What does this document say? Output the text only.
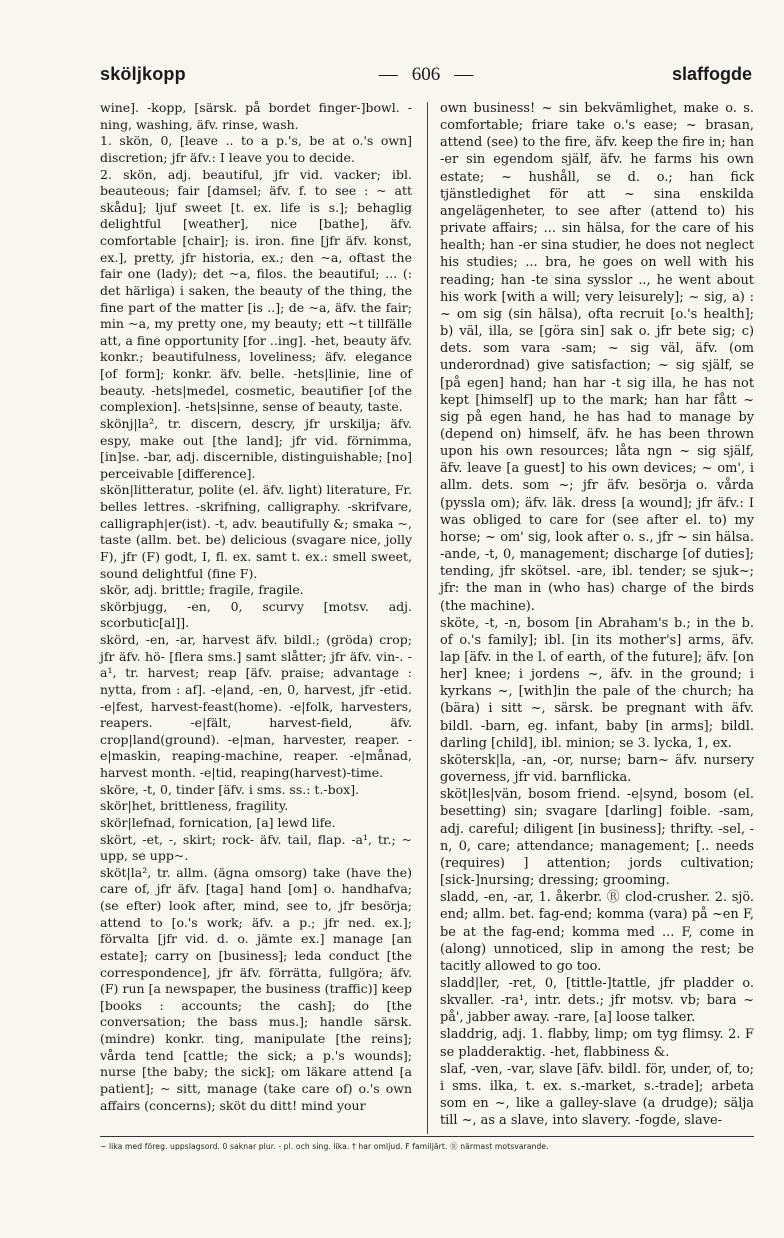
sköljkopp
—	606 —	slaffogde

wine]. -kopp, [särsk. på bordet finger-]bowl. -ning, washing, äfv. rinse, wash.

1. skön, 0, [leave .. to a p.'s, be at o.'s own] discretion; jfr äfv.: I leave you to decide.

2. skön, adj. beautiful, jfr vid. vacker; ibl. beauteous; fair [damsel; äfv. f. to see : ~ att skådu]; ljuf sweet [t. ex. life is s.]; behaglig delightful [weather], nice [bathe], äfv. comfortable [chair]; is. iron. fine [jfr äfv. konst, ex.], pretty, jfr historia, ex.; den ~a, oftast the fair one (lady); det ~a, filos. the beautiful; ... (: det härliga) i saken, the beauty of the thing, the fine part of the matter [is ..]; de ~a, äfv. the fair; min ~a, my pretty one, my beauty; ett ~t tillfälle att, a fine opportunity [for ..ing]. -het, beauty äfv. konkr.; beautifulness, loveliness; äfv. elegance [of form]; konkr. äfv. belle. -hets|linie, line of beauty. -hets|medel, cosmetic, beautifier [of the complexion]. -hets|sinne, sense of beauty, taste.

skönj|la², tr. discern, descry, jfr urskilja; äfv. espy, make out [the land]; jfr vid. förnimma, [in]se. -bar, adj. discernible, distinguishable; [no] perceivable [difference].

skön|litteratur, polite (el. äfv. light) literature, Fr. belles lettres. -skrifning, calligraphy. -skrifvare, calligraph|er(ist). -t, adv. beautifully &; smaka ~, taste (allm. bet. be) delicious (svagare nice, jolly F), jfr (F) godt, I, fl. ex. samt t. ex.: smell sweet, sound delightful (fine F).

skör, adj. brittle; fragile, fragile.

skörbjugg, -en, 0, scurvy [motsv. adj. scorbutic[al]].

skörd, -en, -ar, harvest äfv. bildl.; (gröda) crop; jfr äfv. hö- [flera sms.] samt slåtter; jfr äfv. vin-. -a¹, tr. harvest; reap [äfv. praise; advantage : nytta, from : af]. -e|and, -en, 0, harvest, jfr -etid. -e|fest, harvest-feast(home). -e|folk, harvesters, reapers. -e|fält, harvest-field, äfv. crop|land(ground). -e|man, harvester, reaper. -e|maskin, reaping-machine, reaper. -e|månad, harvest month. -e|tid, reaping(harvest)-time.

sköre, -t, 0, tinder [äfv. i sms. ss.: t.-box].

skör|het, brittleness, fragility.

skör|lefnad, fornication, [a] lewd life.

skört, -et, -, skirt; rock- äfv. tail, flap. -a¹, tr.; ~ upp, se upp~.

sköt|la², tr. allm. (ägna omsorg) take (have the) care of, jfr äfv. [taga] hand [om] o. handhafva; (se efter) look after, mind, see to, jfr besörja; attend to [o.'s work; äfv. a p.; jfr ned. ex.]; förvalta [jfr vid. d. o. jämte ex.] manage [an estate]; carry on [business]; leda conduct [the correspondence], jfr äfv. förrätta, fullgöra; äfv. (F) run [a newspaper, the business (traffic)] keep [books : accounts; the cash]; do [the conversation; the bass mus.]; handle särsk. (mindre) konkr. ting, manipulate [the reins]; vårda tend [cattle; the sick; a p.'s wounds]; nurse [the baby; the sick]; om läkare attend [a patient]; ~ sitt, manage (take care of) o.'s own affairs (concerns); sköt du ditt! mind your

own business! ~ sin bekvämlighet, make o. s. comfortable; friare take o.'s ease; ~ brasan, attend (see) to the fire, äfv. keep the fire in; han -er sin egendom själf, äfv. he farms his own estate; ~ hushåll, se d. o.; han fick tjänstledighet för att ~ sina enskilda angelägenheter, to see after (attend to) his private affairs; ... sin hälsa, for the care of his health; han -er sina studier, he does not neglect his studies; ... bra, he goes on well with his reading; han -te sina sysslor .., he went about his work [with a will; very leisurely]; ~ sig, a) : ~ om sig (sin hälsa), ofta recruit [o.'s health]; b) väl, illa, se [göra sin] sak o. jfr bete sig; c) dets. som vara -sam; ~ sig väl, äfv. (om underordnad) give satisfaction; ~ sig själf, se [på egen] hand; han har -t sig illa, he has not kept [himself] up to the mark; han har fått ~ sig på egen hand, he has had to manage by (depend on) himself, äfv. he has been thrown upon his own resources; låta ngn ~ sig själf, äfv. leave [a guest] to his own devices; ~ om', i allm. dets. som ~; jfr äfv. besörja o. vårda (pyssla om); äfv. läk. dress [a wound]; jfr äfv.: I was obliged to care for (see after el. to) my horse; ~ om' sig, look after o. s., jfr ~ sin hälsa. -ande, -t, 0, management; discharge [of duties]; tending, jfr skötsel. -are, ibl. tender; se sjuk~; jfr: the man in (who has) charge of the birds (the machine).

sköte, -t, -n, bosom [in Abraham's b.; in the b. of o.'s family]; ibl. [in its mother's] arms, äfv. lap [äfv. in the l. of earth, of the future]; äfv. [on her] knee; i jordens ~, äfv. in the ground; i kyrkans ~, [with]in the pale of the church; ha (bära) i sitt ~, särsk. be pregnant with äfv. bildl. -barn, eg. infant, baby [in arms]; bildl. darling [child], ibl. minion; se 3. lycka, 1, ex.

skötersk|la, -an, -or, nurse; barn~ äfv. nursery governess, jfr vid. barnflicka.

sköt|les|vän, bosom friend. -e|synd, bosom (el. besetting) sin; svagare [darling] foible. -sam, adj. careful; diligent [in business]; thrifty. -sel, -n, 0, care; attendance; management; [.. needs (requires) ] attention; jords cultivation; [sick-]nursing; dressing; grooming.

sladd, -en, -ar, 1. åkerbr. Ⓡ clod-crusher. 2. sjö. end; allm. bet. fag-end; komma (vara) på ~en F, be at the fag-end; komma med ... F, come in (along) unnoticed, slip in among the rest; be tacitly allowed to go too.

sladd|ler, -ret, 0, [tittle-]tattle, jfr pladder o. skvaller. -ra¹, intr. dets.; jfr motsv. vb; bara ~ på', jabber away. -rare, [a] loose talker.

sladdrig, adj. 1. flabby, limp; om tyg flimsy. 2. F se pladderaktig. -het, flabbiness &.

slaf, -ven, -var, slave [äfv. bildl. för, under, of, to; i sms. ilka, t. ex. s.-market, s.-trade]; arbeta som en ~, like a galley-slave (a drudge); sälja till ~, as a slave, into slavery. -fogde, slave-

~ lika med föreg. uppslagsord. 0 saknar plur. - pl. och sing. lika. † har omljud. F familjärt. Ⓡ närmast motsvarande.
